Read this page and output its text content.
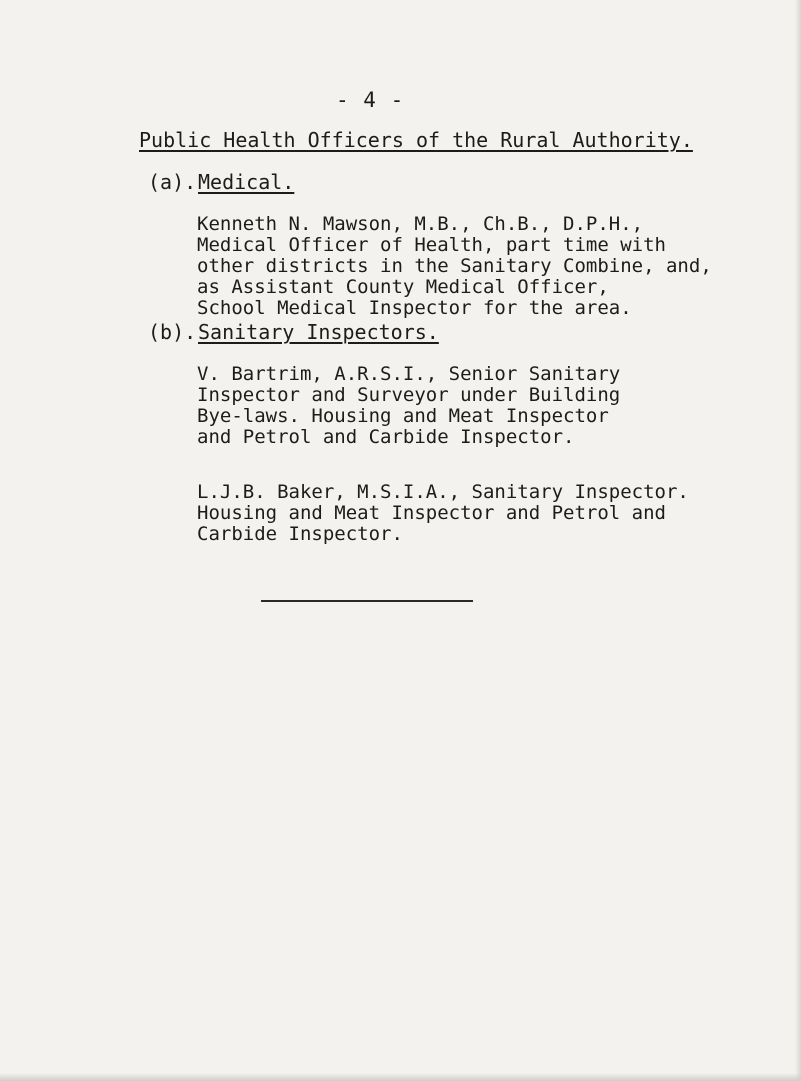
- 4 -
Public Health Officers of the Rural Authority.
(a). Medical.
Kenneth N. Mawson, M.B., Ch.B., D.P.H.,
Medical Officer of Health, part time with
other districts in the Sanitary Combine, and,
as Assistant County Medical Officer,
School Medical Inspector for the area.
(b). Sanitary Inspectors.
V. Bartrim, A.R.S.I., Senior Sanitary
Inspector and Surveyor under Building
Bye-laws. Housing and Meat Inspector
and Petrol and Carbide Inspector.
L.J.B. Baker, M.S.I.A., Sanitary Inspector.
Housing and Meat Inspector and Petrol and
Carbide Inspector.
